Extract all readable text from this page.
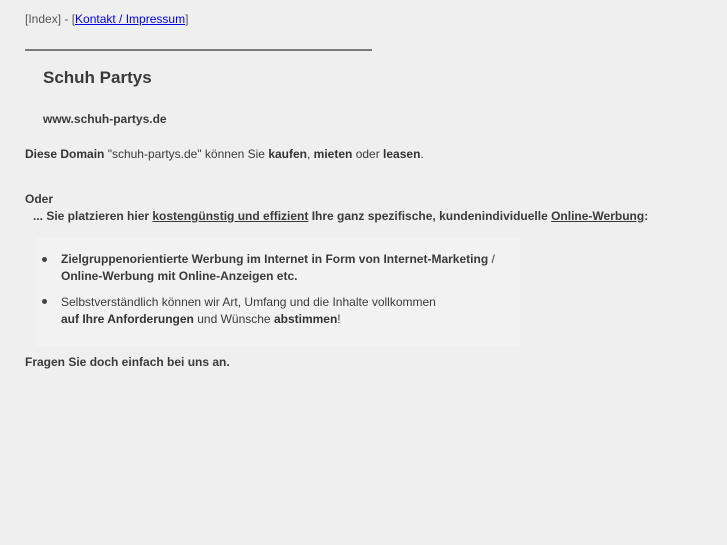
[Index] - [Kontakt / Impressum]
Schuh Partys
www.schuh-partys.de
Diese Domain "schuh-partys.de" können Sie kaufen, mieten oder leasen.
Oder
... Sie platzieren hier kostengünstig und effizient Ihre ganz spezifische, kundenindividuelle Online-Werbung:
Zielgruppenorientierte Werbung im Internet in Form von Internet-Marketing /
Online-Werbung mit Online-Anzeigen etc.
Selbstverständlich können wir Art, Umfang und die Inhalte vollkommen
auf Ihre Anforderungen und Wünsche abstimmen!
Fragen Sie doch einfach bei uns an.
